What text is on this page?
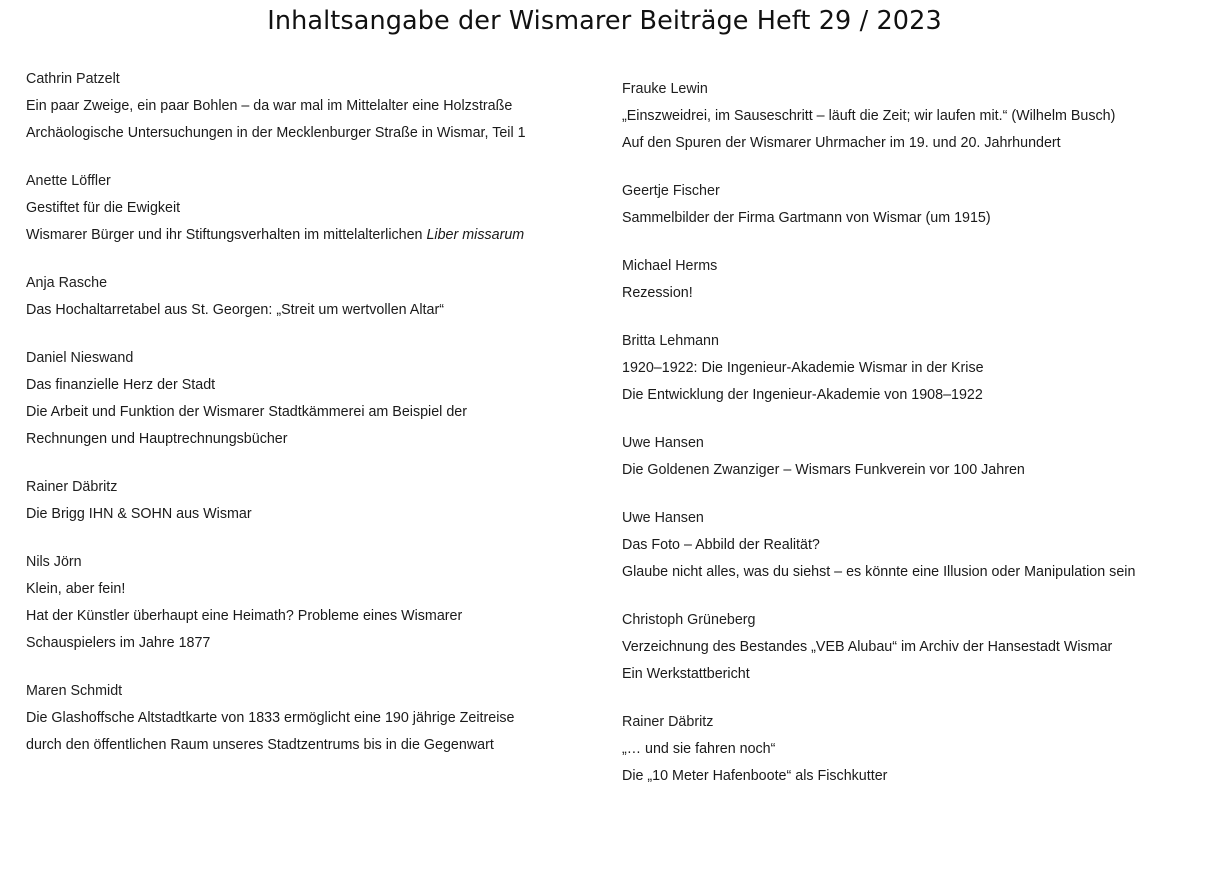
Inhaltsangabe der Wismarer Beiträge Heft 29 / 2023
Cathrin Patzelt
Ein paar Zweige, ein paar Bohlen – da war mal im Mittelalter eine Holzstraße
Archäologische Untersuchungen in der Mecklenburger Straße in Wismar, Teil 1
Anette Löffler
Gestiftet für die Ewigkeit
Wismarer Bürger und ihr Stiftungsverhalten im mittelalterlichen Liber missarum
Anja Rasche
Das Hochaltarretabel aus St. Georgen: „Streit um wertvollen Altar“
Daniel Nieswand
Das finanzielle Herz der Stadt
Die Arbeit und Funktion der Wismarer Stadtkämmerei am Beispiel der
Rechnungen und Hauptrechnungsbücher
Rainer Däbritz
Die Brigg IHN & SOHN aus Wismar
Nils Jörn
Klein, aber fein!
Hat der Künstler überhaupt eine Heimath? Probleme eines Wismarer
Schauspielers im Jahre 1877
Maren Schmidt
Die Glashoffsche Altstadtkarte von 1833 ermöglicht eine 190 jährige Zeitreise
durch den öffentlichen Raum unseres Stadtzentrums bis in die Gegenwart
Frauke Lewin
„Einszweidrei, im Sauseschritt – läuft die Zeit; wir laufen mit.“ (Wilhelm Busch)
Auf den Spuren der Wismarer Uhrmacher im 19. und 20. Jahrhundert
Geertje Fischer
Sammelbilder der Firma Gartmann von Wismar (um 1915)
Michael Herms
Rezession!
Britta Lehmann
1920–1922: Die Ingenieur-Akademie Wismar in der Krise
Die Entwicklung der Ingenieur-Akademie von 1908–1922
Uwe Hansen
Die Goldenen Zwanziger – Wismars Funkverein vor 100 Jahren
Uwe Hansen
Das Foto – Abbild der Realität?
Glaube nicht alles, was du siehst – es könnte eine Illusion oder Manipulation sein
Christoph Grüneberg
Verzeichnung des Bestandes „VEB Alubau“ im Archiv der Hansestadt Wismar
Ein Werkstattbericht
Rainer Däbritz
„… und sie fahren noch“
Die „10 Meter Hafenboote“ als Fischkutter
